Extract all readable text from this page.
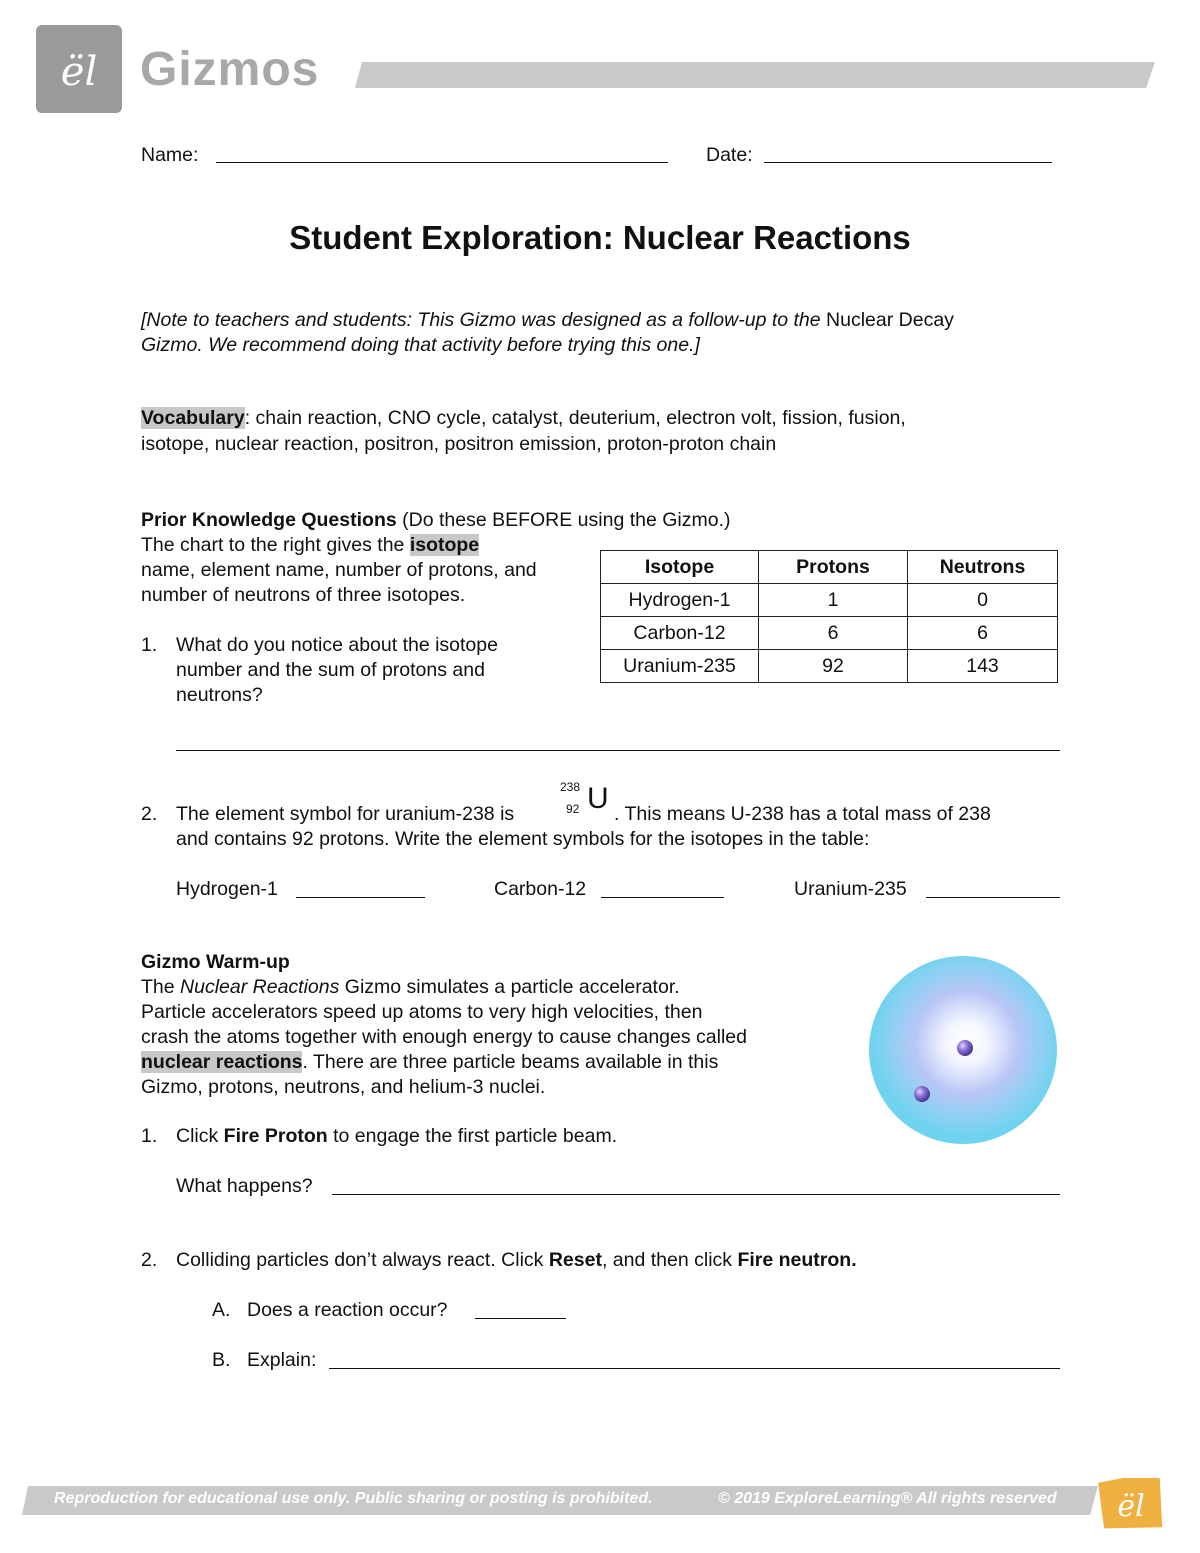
ël Gizmos
Name:	Date:
Student Exploration: Nuclear Reactions
[Note to teachers and students: This Gizmo was designed as a follow-up to the Nuclear Decay
Gizmo. We recommend doing that activity before trying this one.]
Vocabulary: chain reaction, CNO cycle, catalyst, deuterium, electron volt, fission, fusion,
isotope, nuclear reaction, positron, positron emission, proton-proton chain
Prior Knowledge Questions (Do these BEFORE using the Gizmo.)
The chart to the right gives the isotope
name, element name, number of protons, and
number of neutrons of three isotopes.
1. What do you notice about the isotope
number and the sum of protons and
neutrons?
Isotope	Protons	Neutrons
Hydrogen-1	1	0
Carbon-12	6	6
Uranium-235	92	143
2. The element symbol for uranium-238 is
238
92 U . This means U-238 has a total mass of 238
and contains 92 protons. Write the element symbols for the isotopes in the table:
Hydrogen-1	Carbon-12	Uranium-235
Gizmo Warm-up
The Nuclear Reactions Gizmo simulates a particle accelerator.
Particle accelerators speed up atoms to very high velocities, then
crash the atoms together with enough energy to cause changes called
nuclear reactions. There are three particle beams available in this
Gizmo, protons, neutrons, and helium-3 nuclei.
1. Click Fire Proton to engage the first particle beam.
What happens?
2. Colliding particles don’t always react. Click Reset, and then click Fire neutron.
A. Does a reaction occur?
B. Explain:
ël
Reproduction for educational use only. Public sharing or posting is prohibited.	© 2019 ExploreLearning® All rights reserved
